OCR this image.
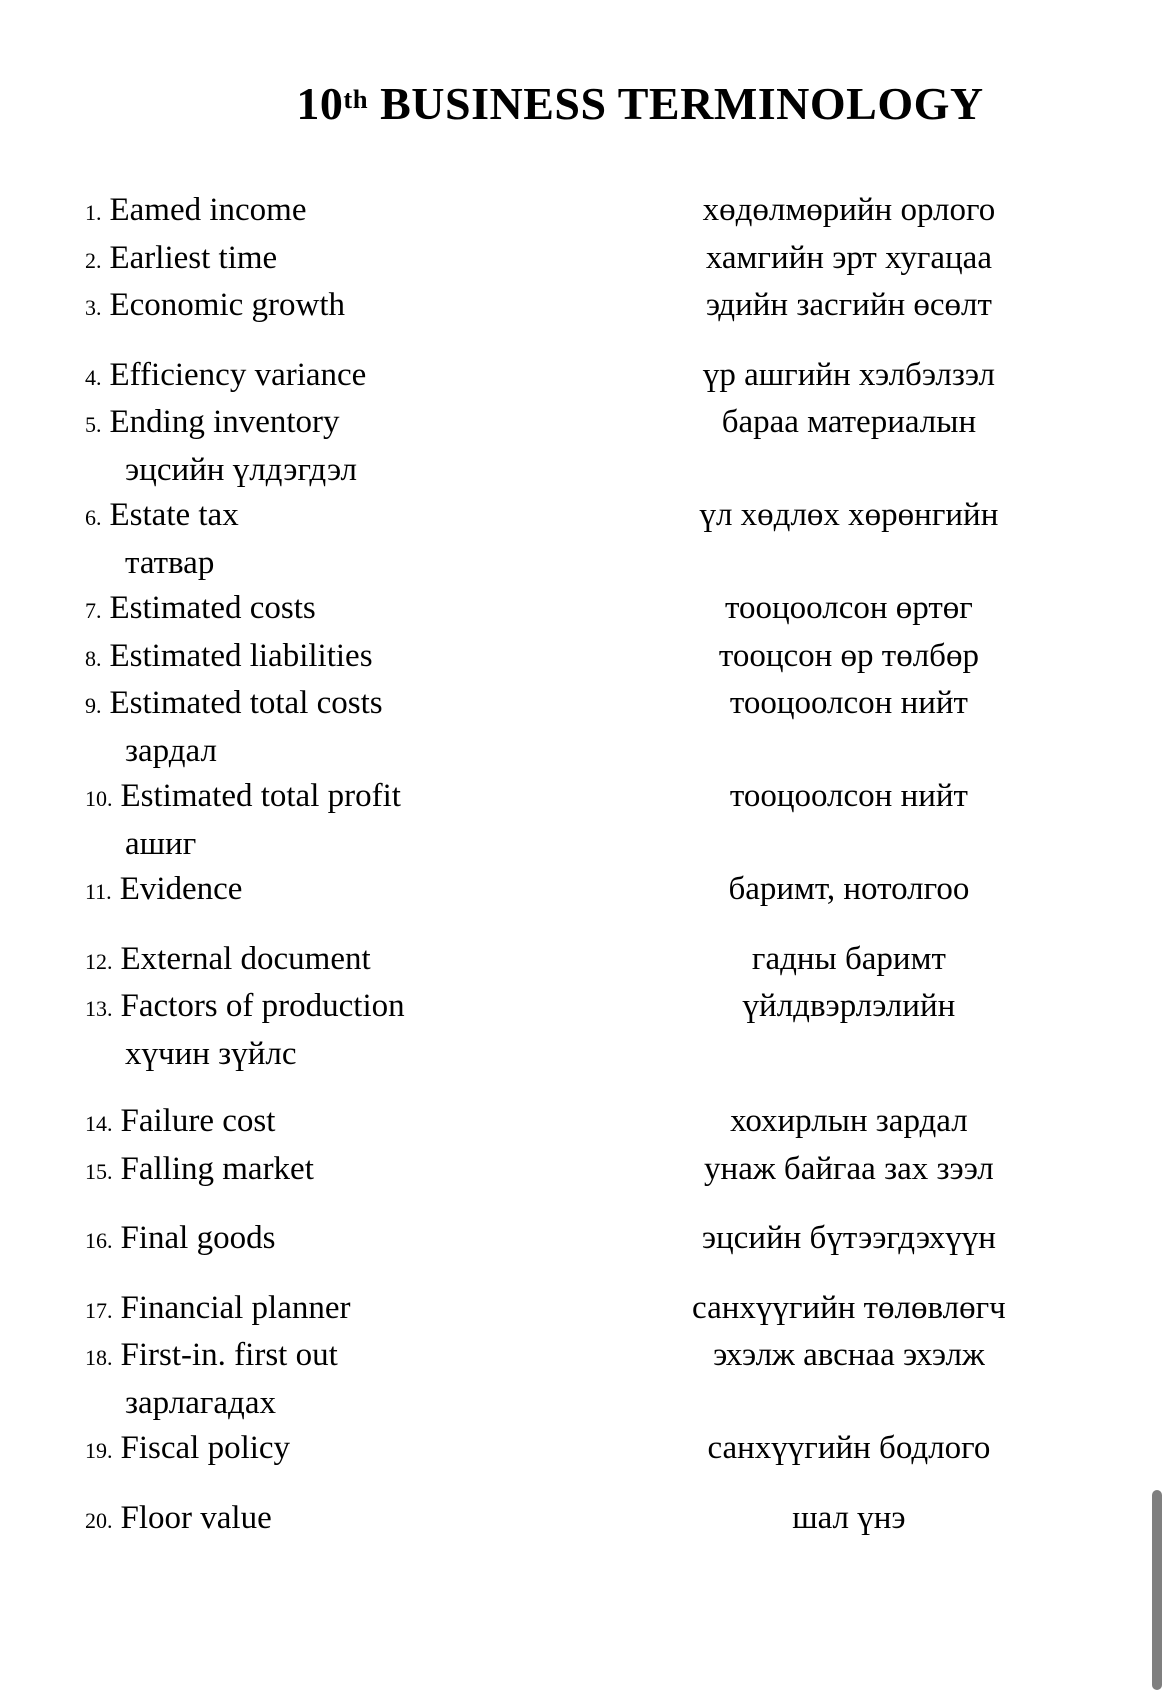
10th BUSINESS TERMINOLOGY
1. Eamed income	хөдөлмөрийн орлого
2. Earliest time	хамгийн эрт хугацаа
3. Economic growth	эдийн засгийн өсөлт
4. Efficiency variance	үр ашгийн хэлбэлзэл
5. Ending inventory	бараа материалын
эцсийн үлдэгдэл
6. Estate tax	үл хөдлөх хөрөнгийн
татвар
7. Estimated costs	тооцоолсон өртөг
8. Estimated liabilities	тооцсон өр төлбөр
9. Estimated total costs	тооцоолсон нийт
зардал
10. Estimated total profit	тооцоолсон нийт
ашиг
11. Evidence	баримт, нотолгоо
12. External document	гадны баримт
13. Factors of production	үйлдвэрлэлийн
хүчин зүйлс
14. Failure cost	хохирлын зардал
15. Falling market	унаж байгаа зах зээл
16. Final goods	эцсийн бүтээгдэхүүн
17. Financial planner	санхүүгийн төлөвлөгч
18. First-in. first out	эхэлж авснаа эхэлж
зарлагадах
19. Fiscal policy	санхүүгийн бодлого
20. Floor value	шал үнэ
